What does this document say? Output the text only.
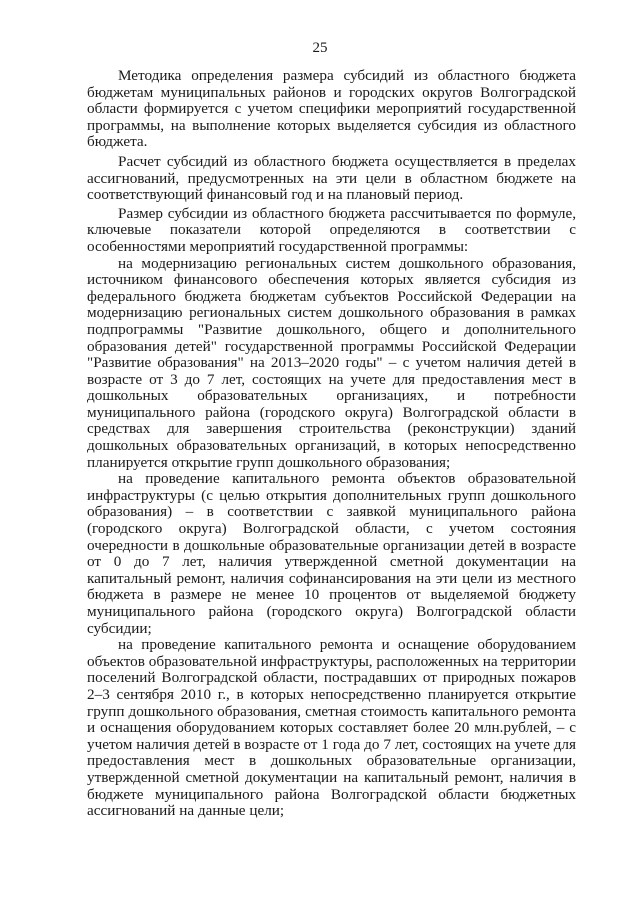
25

Методика определения размера субсидий из областного бюджета бюджетам муниципальных районов и городских округов Волгоградской области формируется с учетом специфики мероприятий государственной программы, на выполнение которых выделяется субсидия из областного бюджета.

Расчет субсидий из областного бюджета осуществляется в пределах ассигнований, предусмотренных на эти цели в областном бюджете на соответствующий финансовый год и на плановый период.

Размер субсидии из областного бюджета рассчитывается по формуле, ключевые показатели которой определяются в соответствии с особенностями мероприятий государственной программы:

на модернизацию региональных систем дошкольного образования, источником финансового обеспечения которых является субсидия из федерального бюджета бюджетам субъектов Российской Федерации на модернизацию региональных систем дошкольного образования в рамках подпрограммы "Развитие дошкольного, общего и дополнительного образования детей" государственной программы Российской Федерации "Развитие образования" на 2013–2020 годы" – с учетом наличия детей в возрасте от 3 до 7 лет, состоящих на учете для предоставления мест в дошкольных образовательных организациях, и потребности муниципального района (городского округа) Волгоградской области в средствах для завершения строительства (реконструкции) зданий дошкольных образовательных организаций, в которых непосредственно планируется открытие групп дошкольного образования;

на проведение капитального ремонта объектов образовательной инфраструктуры (с целью открытия дополнительных групп дошкольного образования) – в соответствии с заявкой муниципального района (городского округа) Волгоградской области, с учетом состояния очередности в дошкольные образовательные организации детей в возрасте от 0 до 7 лет, наличия утвержденной сметной документации на капитальный ремонт, наличия софинансирования на эти цели из местного бюджета в размере не менее 10 процентов от выделяемой бюджету муниципального района (городского округа) Волгоградской области субсидии;

на проведение капитального ремонта и оснащение оборудованием объектов образовательной инфраструктуры, расположенных на территории поселений Волгоградской области, пострадавших от природных пожаров 2–3 сентября 2010 г., в которых непосредственно планируется открытие групп дошкольного образования, сметная стоимость капитального ремонта и оснащения оборудованием которых составляет более 20 млн.рублей, – с учетом наличия детей в возрасте от 1 года до 7 лет, состоящих на учете для предоставления мест в дошкольных образовательные организации, утвержденной сметной документации на капитальный ремонт, наличия в бюджете муниципального района Волгоградской области бюджетных ассигнований на данные цели;
